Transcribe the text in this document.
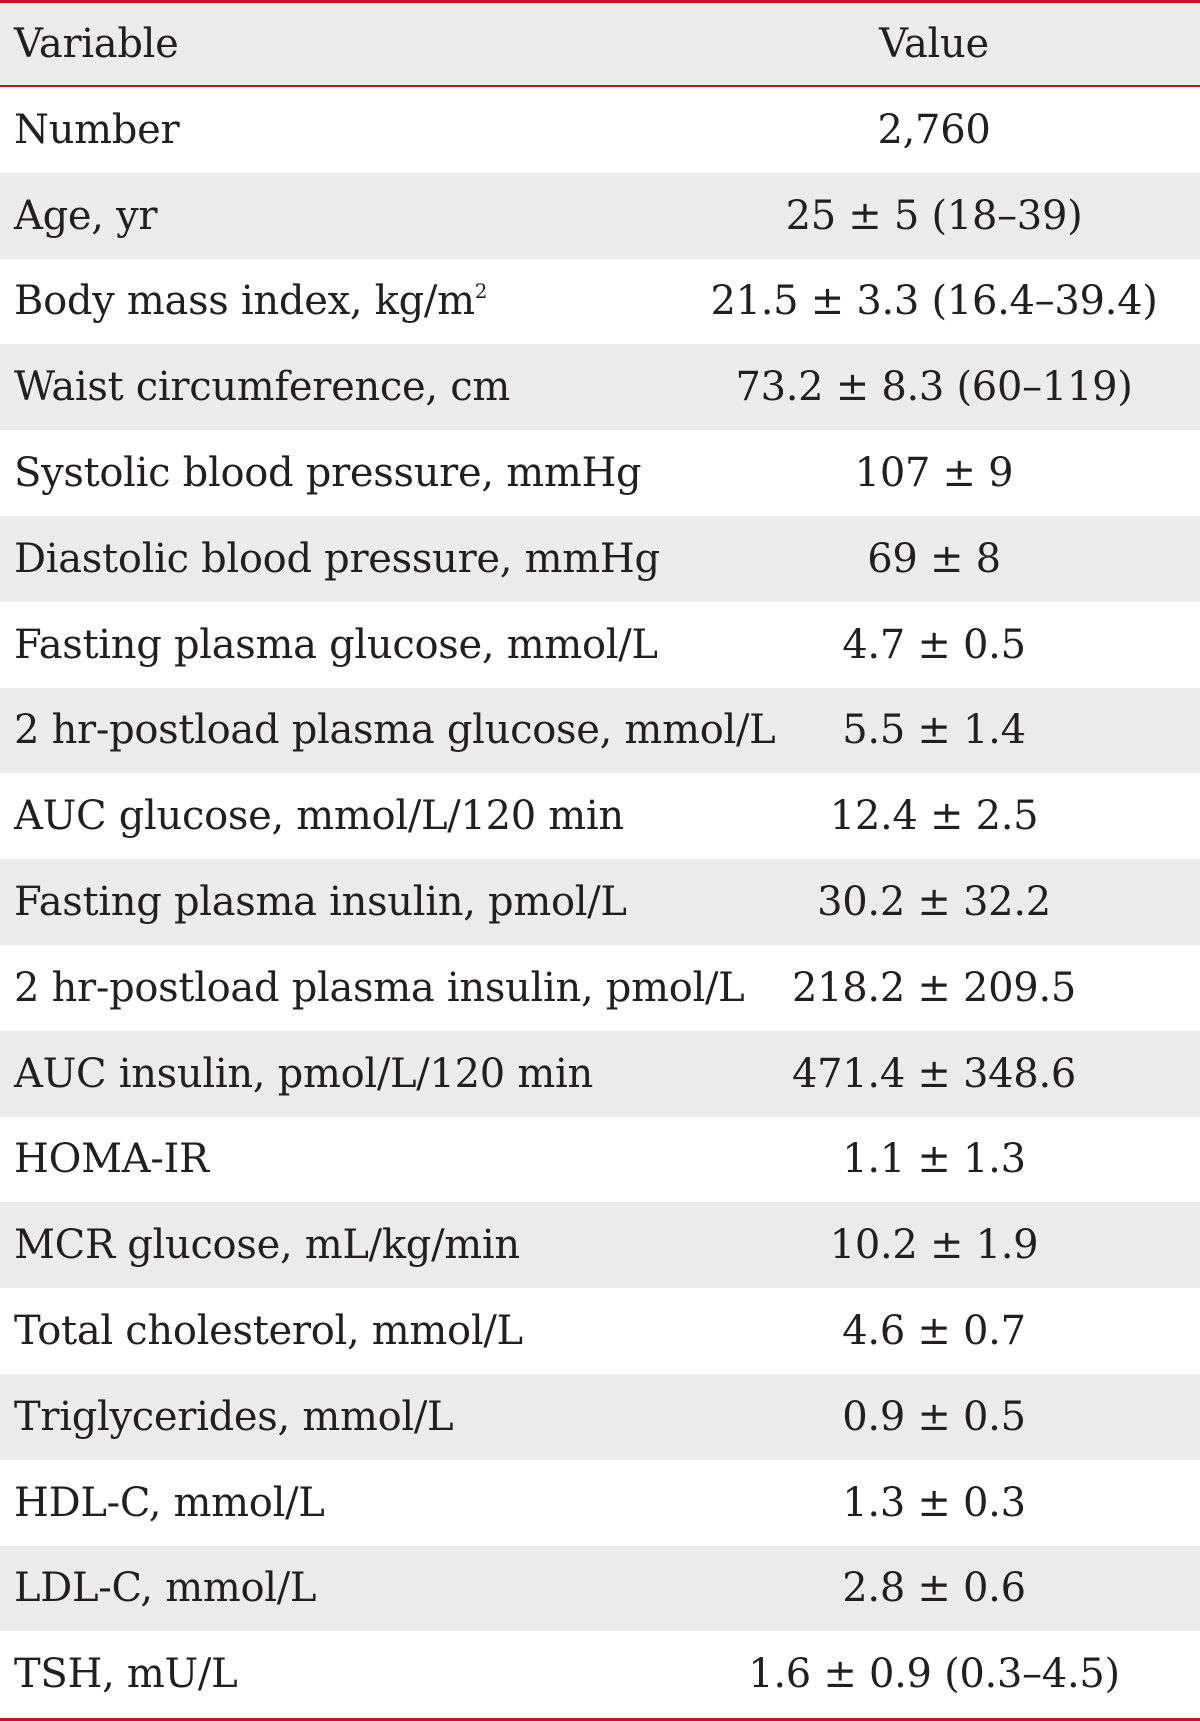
Variable	Value
Number	2,760
Age, yr	25 ± 5 (18–39)
Body mass index, $kg/m^2$	21.5 ± 3.3 (16.4–39.4)
Waist circumference, cm	73.2 ± 8.3 (60–119)
Systolic blood pressure, mmHg	107 ± 9
Diastolic blood pressure, mmHg	69 ± 8
Fasting plasma glucose, mmol/L	4.7 ± 0.5
2 hr-postload plasma glucose, mmol/L	5.5 ± 1.4
AUC glucose, mmol/L/120 min	12.4 ± 2.5
Fasting plasma insulin, pmol/L	30.2 ± 32.2
2 hr-postload plasma insulin, pmol/L	218.2 ± 209.5
AUC insulin, pmol/L/120 min	471.4 ± 348.6
HOMA-IR	1.1 ± 1.3
MCR glucose, mL/kg/min	10.2 ± 1.9
Total cholesterol, mmol/L	4.6 ± 0.7
Triglycerides, mmol/L	0.9 ± 0.5
HDL-C, mmol/L	1.3 ± 0.3
LDL-C, mmol/L	2.8 ± 0.6
TSH, mU/L	1.6 ± 0.9 (0.3–4.5)
